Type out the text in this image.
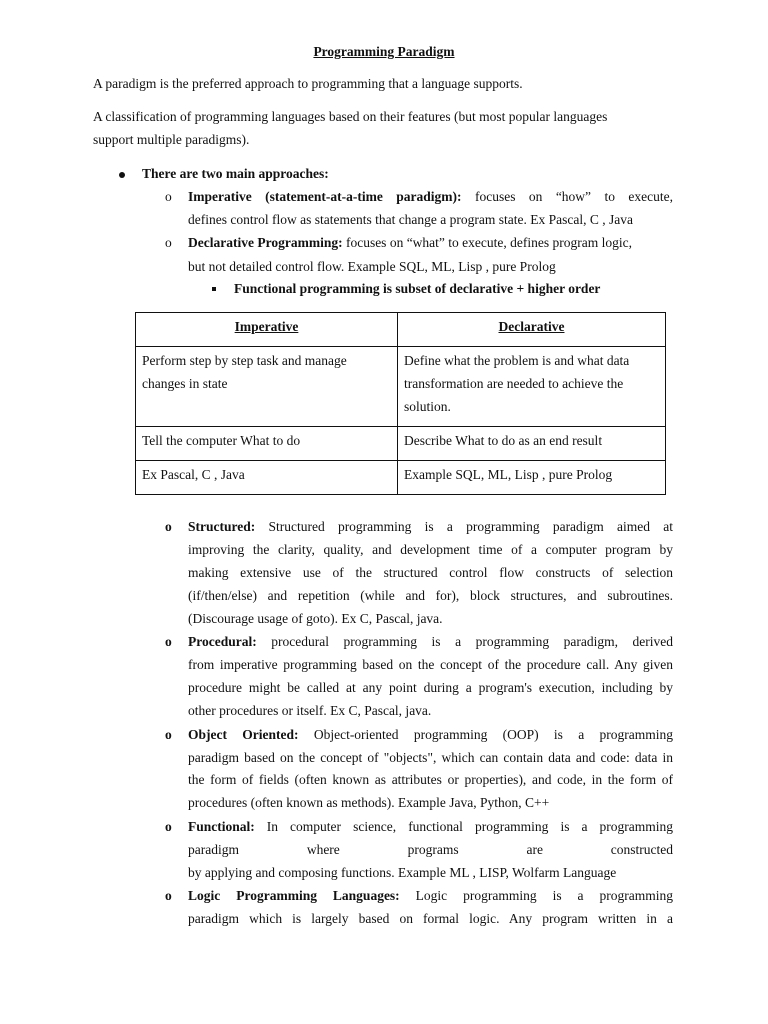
Programming Paradigm
A paradigm is the preferred approach to programming that a language supports.
A classification of programming languages based on their features (but most popular languages
support multiple paradigms).
There are two main approaches:
o Imperative (statement-at-a-time paradigm): focuses on “how” to execute,
defines control flow as statements that change a program state. Ex Pascal, C , Java
o Declarative Programming: focuses on “what” to execute, defines program logic,
but not detailed control flow. Example SQL, ML, Lisp , pure Prolog
Functional programming is subset of declarative + higher order
Imperative	Declarative
Perform step by step task and manage changes in state	Define what the problem is and what data transformation are needed to achieve the solution.
Tell the computer What to do	Describe What to do as an end result
Ex Pascal, C , Java	Example SQL, ML, Lisp , pure Prolog
o Structured: Structured programming is a programming paradigm aimed at
improving the clarity, quality, and development time of a computer program by
making extensive use of the structured control flow constructs of selection
(if/then/else) and repetition (while and for), block structures, and subroutines.
(Discourage usage of goto). Ex C, Pascal, java.
o Procedural: procedural programming is a programming paradigm, derived
from imperative programming based on the concept of the procedure call. Any given
procedure might be called at any point during a program's execution, including by
other procedures or itself. Ex C, Pascal, java.
o Object Oriented: Object-oriented programming (OOP) is a programming
paradigm based on the concept of "objects", which can contain data and code: data in
the form of fields (often known as attributes or properties), and code, in the form of
procedures (often known as methods). Example Java, Python, C++
o Functional: In computer science, functional programming is a programming
paradigm where programs are constructed
by applying and composing functions. Example ML , LISP, Wolfarm Language
o Logic Programming Languages: Logic programming is a programming
paradigm which is largely based on formal logic. Any program written in a
